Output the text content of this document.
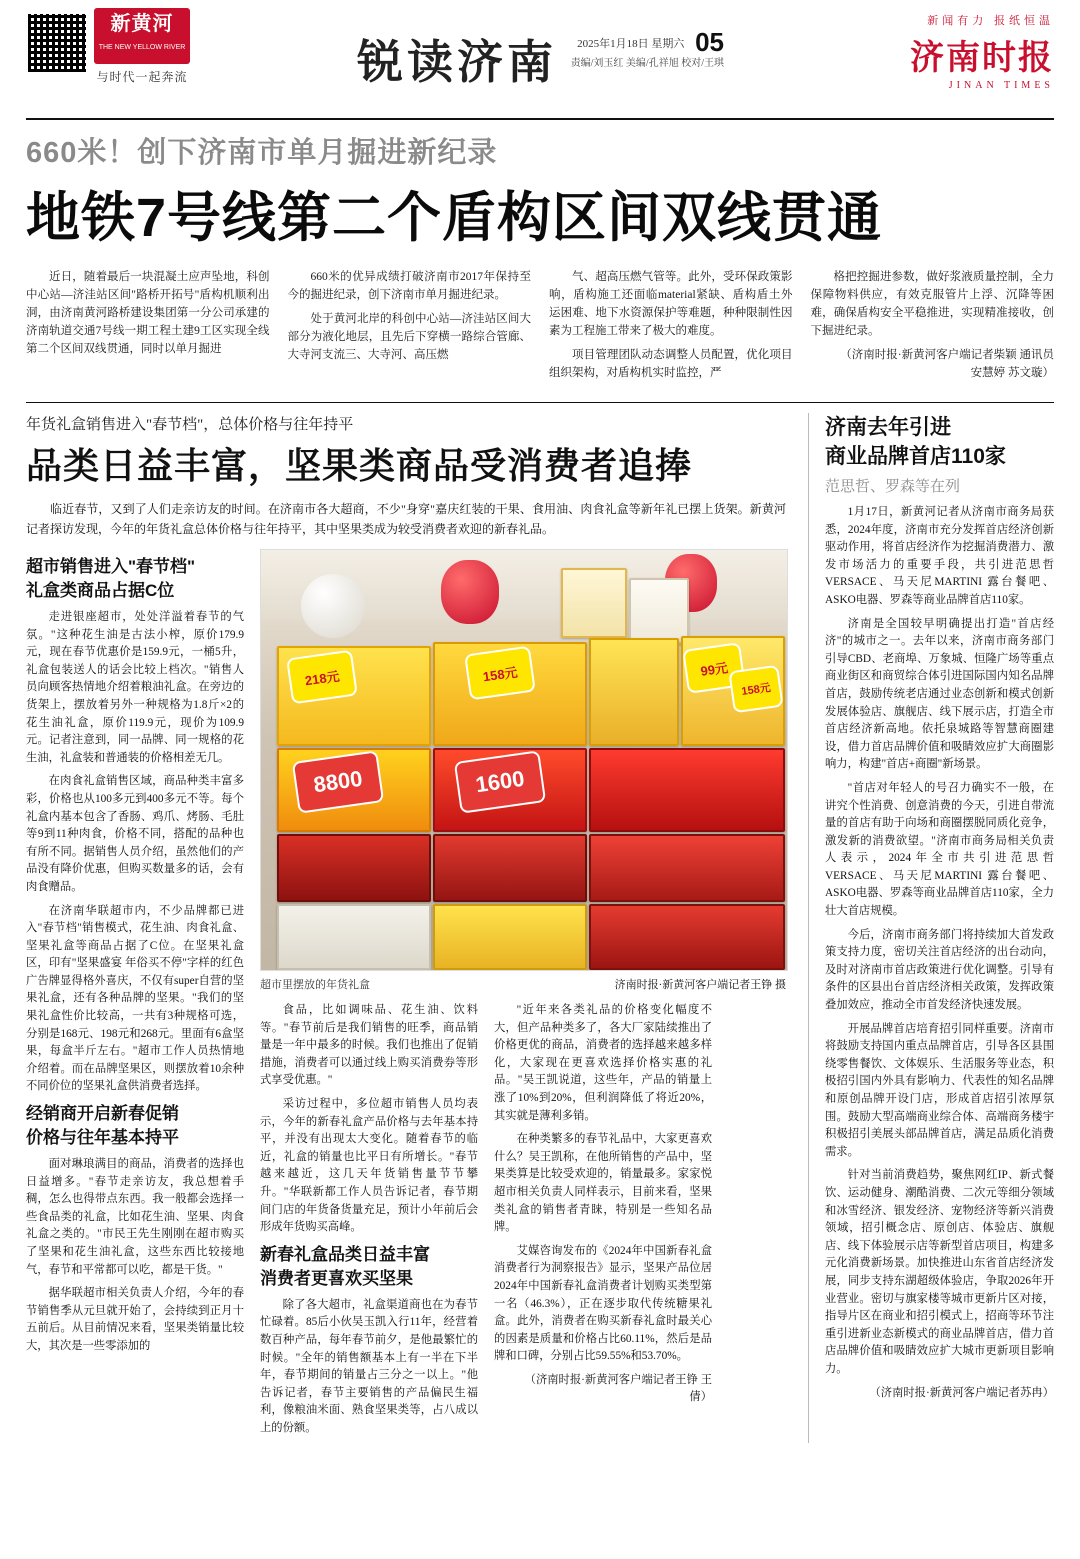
新黄河
THE NEW YELLOW RIVER
与时代一起奔流	锐读济南	2025年1月18日 星期六 05
责编/刘玉红 美编/孔祥旭 校对/王琪
新闻有力 报纸恒温
济南时报
JINAN TIMES
660米！创下济南市单月掘进新纪录
地铁7号线第二个盾构区间双线贯通

近日，随着最后一块混凝土应声坠地，科创中心站—济洼站区间"路桥开拓号"盾构机顺利出洞，由济南黄河路桥建设集团第一分公司承建的济南轨道交通7号线一期工程土建9工区实现全线第二个区间双线贯通，同时以单月掘进

660米的优异成绩打破济南市2017年保持至今的掘进纪录，创下济南市单月掘进纪录。

处于黄河北岸的科创中心站—济洼站区间大部分为液化地层，且先后下穿横一路综合管廊、大寺河支流三、大寺河、高压燃

气、超高压燃气管等。此外，受环保政策影响，盾构施工还面临material紧缺、盾构盾土外运困难、地下水资源保护等难题，种种限制性因素为工程施工带来了极大的难度。

项目管理团队动态调整人员配置，优化项目组织架构，对盾构机实时监控，严

格把控掘进参数，做好浆液质量控制，全力保障物料供应，有效克服管片上浮、沉降等困难，确保盾构安全平稳推进，实现精准接收，创下掘进纪录。

（济南时报·新黄河客户端记者柴颖 通讯员安慧婷 苏文璇）

年货礼盒销售进入"春节档"，总体价格与往年持平
品类日益丰富，坚果类商品受消费者追捧

临近春节，又到了人们走亲访友的时间。在济南市各大超商，不少"身穿"嘉庆红装的干果、食用油、肉食礼盒等新年礼已摆上货架。新黄河记者探访发现，今年的年货礼盒总体价格与往年持平，其中坚果类成为较受消费者欢迎的新春礼品。

超市销售进入"春节档"
礼盒类商品占据C位

走进银座超市，处处洋溢着春节的气氛。"这种花生油是古法小榨，原价179.9元，现在春节优惠价是159.9元，一桶5升，礼盒包装送人的话会比较上档次。"销售人员向顾客热情地介绍着粮油礼盒。在旁边的货架上，摆放着另外一种规格为1.8斤×2的花生油礼盒，原价119.9元，现价为109.9元。记者注意到，同一品牌、同一规格的花生油，礼盒装和普通装的价格相差无几。

在肉食礼盒销售区域，商品种类丰富多彩，价格也从100多元到400多元不等。每个礼盒内基本包含了香肠、鸡爪、烤肠、毛肚等9到11种肉食，价格不同，搭配的品种也有所不同。据销售人员介绍，虽然他们的产品没有降价优惠，但购买数量多的话，会有肉食赠品。

在济南华联超市内，不少品牌都已进入"春节档"销售模式，花生油、肉食礼盒、坚果礼盒等商品占据了C位。在坚果礼盒区，印有"坚果盛宴 年俗买不停"字样的红色广告牌显得格外喜庆，不仅有super自营的坚果礼盒，还有各种品牌的坚果。"我们的坚果礼盒性价比较高，一共有3种规格可选，分别是168元、198元和268元。里面有6盒坚果，每盒半斤左右。"超市工作人员热情地介绍着。而在品牌坚果区，则摆放着10余种不同价位的坚果礼盒供消费者选择。

经销商开启新春促销
价格与往年基本持平

面对琳琅满目的商品，消费者的选择也日益增多。"春节走亲访友，我总想着手稠，怎么也得带点东西。我一般都会选择一些食品类的礼盒，比如花生油、坚果、肉食礼盒之类的。"市民王先生刚刚在超市购买了坚果和花生油礼盒，这些东西比较接地气，春节和平常都可以吃，都是干货。"

据华联超市相关负责人介绍，今年的春节销售季从元旦就开始了，会持续到正月十五前后。从目前情况来看，坚果类销量比较大，其次是一些零添加的

218元	158元	99元
158元
8800	1600
超市里摆放的年货礼盒	济南时报·新黄河客户端记者王铮 摄

食品，比如调味品、花生油、饮料等。"春节前后是我们销售的旺季，商品销量是一年中最多的时候。我们也推出了促销措施，消费者可以通过线上购买消费券等形式享受优惠。"

采访过程中，多位超市销售人员均表示，今年的新春礼盒产品价格与去年基本持平，并没有出现太大变化。随着春节的临近，礼盒的销量也比平日有所增长。"春节越来越近，这几天年货销售量节节攀升。"华联新都工作人员告诉记者，春节期间门店的年货备货量充足，预计小年前后会形成年货购买高峰。

新春礼盒品类日益丰富
消费者更喜欢买坚果

除了各大超市，礼盒渠道商也在为春节忙碌着。85后小伙吴玉凯入行11年，经营着数百种产品，每年春节前夕，是他最繁忙的时候。"全年的销售额基本上有一半在下半年，春节期间的销量占三分之一以上。"他告诉记者，春节主要销售的产品偏民生福利，像粮油米面、熟食坚果类等，占八成以上的份额。

"近年来各类礼品的价格变化幅度不大，但产品种类多了，各大厂家陆续推出了价格更优的商品，消费者的选择越来越多样化，大家现在更喜欢选择价格实惠的礼品。"吴王凯说道，这些年，产品的销量上涨了10%到20%，但利润降低了将近20%，其实就是薄利多销。

在种类繁多的春节礼品中，大家更喜欢什么？吴王凯称，在他所销售的产品中，坚果类算是比较受欢迎的，销量最多。家家悦超市相关负责人同样表示，目前来看，坚果类礼盒的销售者青睐，特别是一些知名品牌。

艾媒咨询发布的《2024年中国新春礼盒消费者行为洞察报告》显示，坚果产品位居2024年中国新春礼盒消费者计划购买类型第一名（46.3%），正在逐步取代传统糖果礼盒。此外，消费者在购买新春礼盒时最关心的因素是质量和价格占比60.11%，然后是品牌和口碑，分别占比59.55%和53.70%。

（济南时报·新黄河客户端记者王铮 王倩）

济南去年引进
商业品牌首店110家
范思哲、罗森等在列

1月17日，新黄河记者从济南市商务局获悉，2024年度，济南市充分发挥首店经济创新驱动作用，将首店经济作为挖掘消费潜力、激发市场活力的重要手段，共引进范思哲VERSACE、马天尼MARTINI 露台餐吧、ASKO电器、罗森等商业品牌首店110家。

济南是全国较早明确提出打造"首店经济"的城市之一。去年以来，济南市商务部门引导CBD、老商埠、万象城、恒隆广场等重点商业街区和商贸综合体引进国际国内知名品牌首店，鼓励传统老店通过业态创新和模式创新发展体验店、旗舰店、线下展示店，打造全市首店经济新高地。依托泉城路等智慧商圈建设，借力首店品牌价值和吸睛效应扩大商圈影响力，构建"首店+商圈"新场景。

"首店对年轻人的号召力确实不一般，在讲究个性消费、创意消费的今天，引进自带流量的首店有助于向场和商圈摆脱同质化竞争，激发新的消费欲望。"济南市商务局相关负责人表示，2024年全市共引进范思哲VERSACE、马天尼MARTINI 露台餐吧、ASKO电器、罗森等商业品牌首店110家，全力壮大首店规模。

今后，济南市商务部门将持续加大首发政策支持力度，密切关注首店经济的出台动向，及时对济南市首店政策进行优化调整。引导有条件的区县出台首店经济相关政策，发挥政策叠加效应，推动全市首发经济快速发展。

开展品牌首店培育招引同样重要。济南市将鼓励支持国内重点品牌首店，引导各区县围绕零售餐饮、文体娱乐、生活服务等业态，积极招引国内外具有影响力、代表性的知名品牌和原创品牌开设门店，形成首店招引浓厚氛围。鼓励大型高端商业综合体、高端商务楼宇积极招引美展头部品牌首店，满足品质化消费需求。

针对当前消费趋势，聚焦网红IP、新式餐饮、运动健身、潮酷消费、二次元等细分领域和冰雪经济、银发经济、宠物经济等新兴消费领域，招引概念店、原创店、体验店、旗舰店、线下体验展示店等新型首店项目，构建多元化消费新场景。加快推进山东省首店经济发展，同步支持东湖超级体验店，争取2026年开业营业。密切与旗家楼等城市更新片区对接，指导片区在商业和招引模式上，招商等环节注重引进新业态新模式的商业品牌首店，借力首店品牌价值和吸睛效应扩大城市更新项目影响力。

（济南时报·新黄河客户端记者苏冉）
